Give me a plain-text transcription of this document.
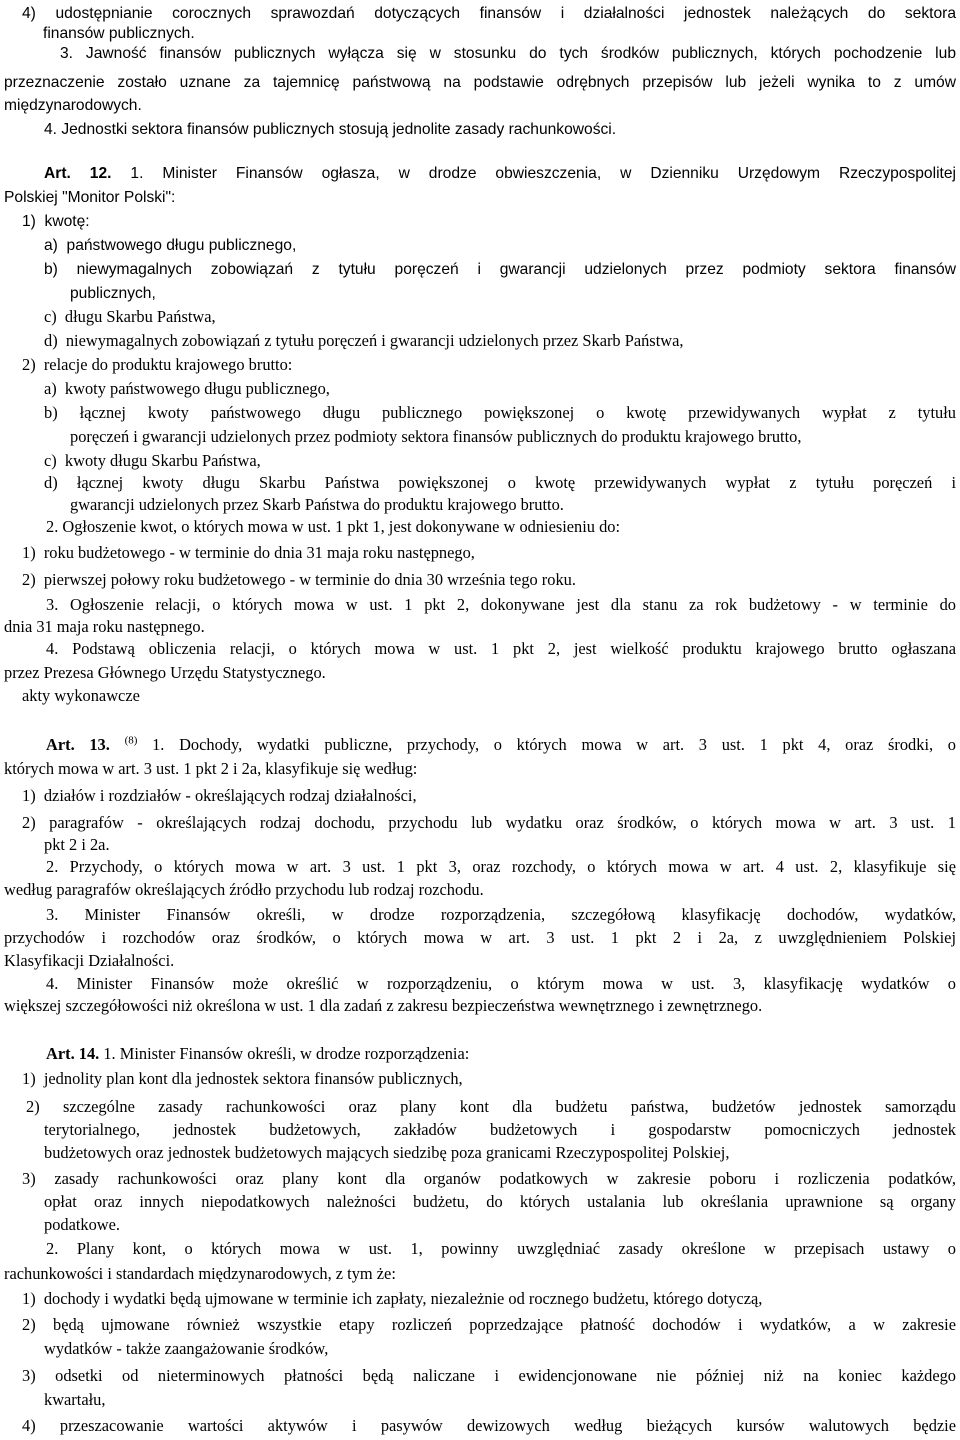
4) udostępnianie corocznych sprawozdań dotyczących finansów i działalności jednostek należących do sektora
finansów publicznych.
3. Jawność finansów publicznych wyłącza się w stosunku do tych środków publicznych, których pochodzenie lub
przeznaczenie zostało uznane za tajemnicę państwową na podstawie odrębnych przepisów lub jeżeli wynika to z umów
międzynarodowych.
4. Jednostki sektora finansów publicznych stosują jednolite zasady rachunkowości.
Art. 12. 1. Minister Finansów ogłasza, w drodze obwieszczenia, w Dzienniku Urzędowym Rzeczypospolitej
Polskiej "Monitor Polski":
1)  kwotę:
a)  państwowego długu publicznego,
b) niewymagalnych zobowiązań z tytułu poręczeń i gwarancji udzielonych przez podmioty sektora finansów
publicznych,
c)  długu Skarbu Państwa,
d)  niewymagalnych zobowiązań z tytułu poręczeń i gwarancji udzielonych przez Skarb Państwa,
2)  relacje do produktu krajowego brutto:
a)  kwoty państwowego długu publicznego,
b) łącznej kwoty państwowego długu publicznego powiększonej o kwotę przewidywanych wypłat z tytułu
poręczeń i gwarancji udzielonych przez podmioty sektora finansów publicznych do produktu krajowego brutto,
c)  kwoty długu Skarbu Państwa,
d) łącznej kwoty długu Skarbu Państwa powiększonej o kwotę przewidywanych wypłat z tytułu poręczeń i
gwarancji udzielonych przez Skarb Państwa do produktu krajowego brutto.
2. Ogłoszenie kwot, o których mowa w ust. 1 pkt 1, jest dokonywane w odniesieniu do:
1)  roku budżetowego - w terminie do dnia 31 maja roku następnego,
2)  pierwszej połowy roku budżetowego - w terminie do dnia 30 września tego roku.
3. Ogłoszenie relacji, o których mowa w ust. 1 pkt 2, dokonywane jest dla stanu za rok budżetowy - w terminie do
dnia 31 maja roku następnego.
4. Podstawą obliczenia relacji, o których mowa w ust. 1 pkt 2, jest wielkość produktu krajowego brutto ogłaszana
przez Prezesa Głównego Urzędu Statystycznego.
akty wykonawcze
Art. 13. $^{(8)}$ 1. Dochody, wydatki publiczne, przychody, o których mowa w art. 3 ust. 1 pkt 4, oraz środki, o
których mowa w art. 3 ust. 1 pkt 2 i 2a, klasyfikuje się według:
1)  działów i rozdziałów - określających rodzaj działalności,
2) paragrafów - określających rodzaj dochodu, przychodu lub wydatku oraz środków, o których mowa w art. 3 ust. 1
pkt 2 i 2a.
2. Przychody, o których mowa w art. 3 ust. 1 pkt 3, oraz rozchody, o których mowa w art. 4 ust. 2, klasyfikuje się
według paragrafów określających źródło przychodu lub rodzaj rozchodu.
3. Minister Finansów określi, w drodze rozporządzenia, szczegółową klasyfikację dochodów, wydatków,
przychodów i rozchodów oraz środków, o których mowa w art. 3 ust. 1 pkt 2 i 2a, z uwzględnieniem Polskiej
Klasyfikacji Działalności.
4. Minister Finansów może określić w rozporządzeniu, o którym mowa w ust. 3, klasyfikację wydatków o
większej szczegółowości niż określona w ust. 1 dla zadań z zakresu bezpieczeństwa wewnętrznego i zewnętrznego.
Art. 14. 1. Minister Finansów określi, w drodze rozporządzenia:
1)  jednolity plan kont dla jednostek sektora finansów publicznych,
2) szczególne zasady rachunkowości oraz plany kont dla budżetu państwa, budżetów jednostek samorządu
terytorialnego, jednostek budżetowych, zakładów budżetowych i gospodarstw pomocniczych jednostek
budżetowych oraz jednostek budżetowych mających siedzibę poza granicami Rzeczypospolitej Polskiej,
3) zasady rachunkowości oraz plany kont dla organów podatkowych w zakresie poboru i rozliczenia podatków,
opłat oraz innych niepodatkowych należności budżetu, do których ustalania lub określania uprawnione są organy
podatkowe.
2. Plany kont, o których mowa w ust. 1, powinny uwzględniać zasady określone w przepisach ustawy o
rachunkowości i standardach międzynarodowych, z tym że:
1)  dochody i wydatki będą ujmowane w terminie ich zapłaty, niezależnie od rocznego budżetu, którego dotyczą,
2) będą ujmowane również wszystkie etapy rozliczeń poprzedzające płatność dochodów i wydatków, a w zakresie
wydatków - także zaangażowanie środków,
3) odsetki od nieterminowych płatności będą naliczane i ewidencjonowane nie później niż na koniec każdego
kwartału,
4) przeszacowanie wartości aktywów i pasywów dewizowych według bieżących kursów walutowych będzie
